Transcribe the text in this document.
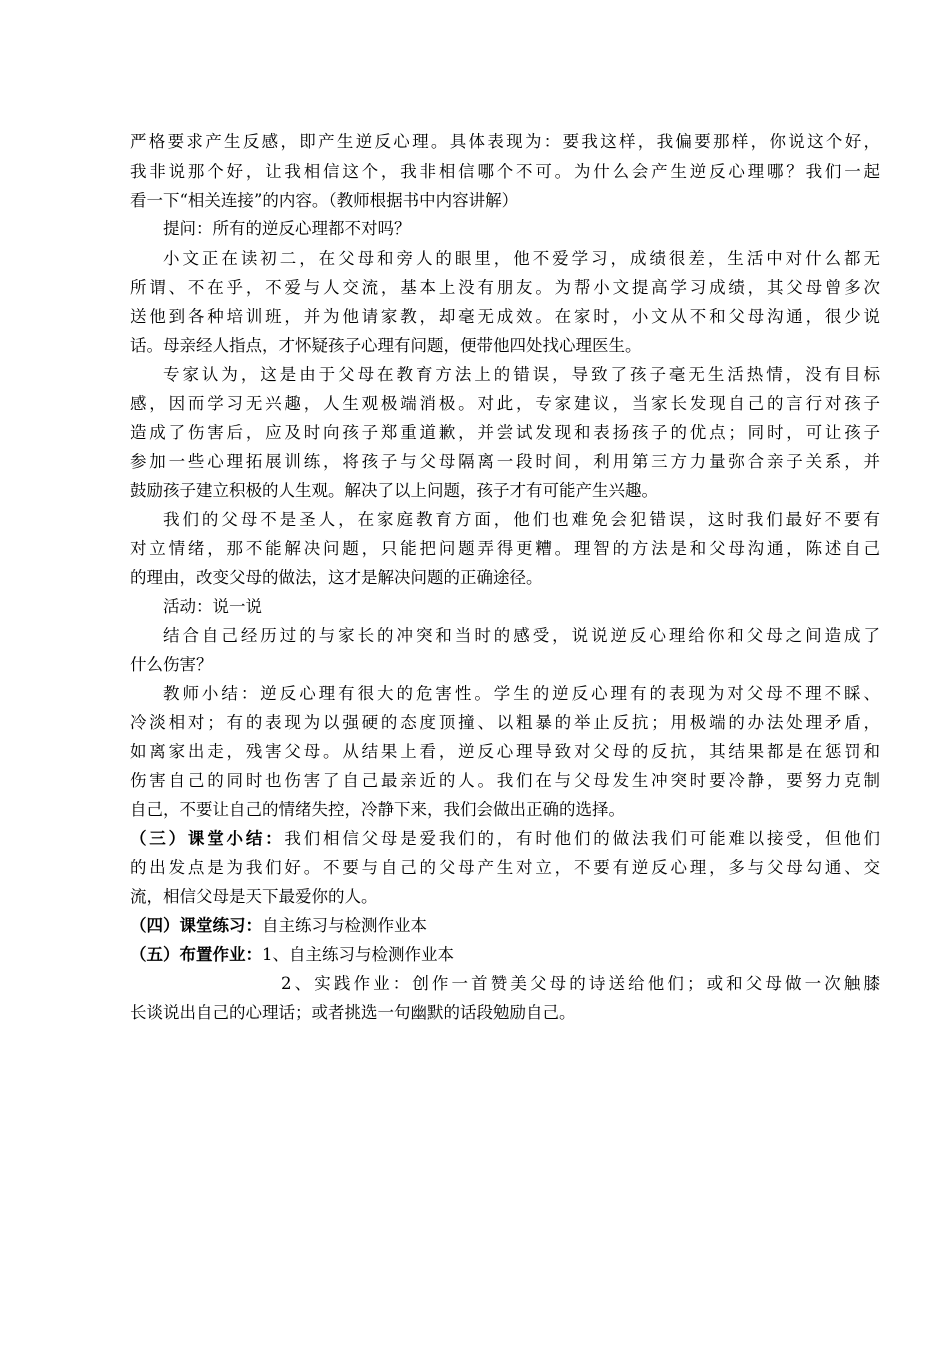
严格要求产生反感，即产生逆反心理。具体表现为：要我这样，我偏要那样，你说这个好，
我非说那个好，让我相信这个，我非相信哪个不可。为什么会产生逆反心理哪？我们一起
看一下“相关连接”的内容。（教师根据书中内容讲解）
提问：所有的逆反心理都不对吗？
小文正在读初二，在父母和旁人的眼里，他不爱学习，成绩很差，生活中对什么都无
所谓、不在乎，不爱与人交流，基本上没有朋友。为帮小文提高学习成绩，其父母曾多次
送他到各种培训班，并为他请家教，却毫无成效。在家时，小文从不和父母沟通，很少说
话。母亲经人指点，才怀疑孩子心理有问题，便带他四处找心理医生。
专家认为，这是由于父母在教育方法上的错误，导致了孩子毫无生活热情，没有目标
感，因而学习无兴趣，人生观极端消极。对此，专家建议，当家长发现自己的言行对孩子
造成了伤害后，应及时向孩子郑重道歉，并尝试发现和表扬孩子的优点；同时，可让孩子
参加一些心理拓展训练，将孩子与父母隔离一段时间，利用第三方力量弥合亲子关系，并
鼓励孩子建立积极的人生观。解决了以上问题，孩子才有可能产生兴趣。
我们的父母不是圣人，在家庭教育方面，他们也难免会犯错误，这时我们最好不要有
对立情绪，那不能解决问题，只能把问题弄得更糟。理智的方法是和父母沟通，陈述自己
的理由，改变父母的做法，这才是解决问题的正确途径。
活动：说一说
结合自己经历过的与家长的冲突和当时的感受，说说逆反心理给你和父母之间造成了
什么伤害？
教师小结：逆反心理有很大的危害性。学生的逆反心理有的表现为对父母不理不睬、
冷淡相对；有的表现为以强硬的态度顶撞、以粗暴的举止反抗；用极端的办法处理矛盾，
如离家出走，残害父母。从结果上看，逆反心理导致对父母的反抗，其结果都是在惩罚和
伤害自己的同时也伤害了自己最亲近的人。我们在与父母发生冲突时要冷静，要努力克制
自己，不要让自己的情绪失控，冷静下来，我们会做出正确的选择。
（三）课堂小结：我们相信父母是爱我们的，有时他们的做法我们可能难以接受，但他们
的出发点是为我们好。不要与自己的父母产生对立，不要有逆反心理，多与父母勾通、交
流，相信父母是天下最爱你的人。
（四）课堂练习：自主练习与检测作业本
（五）布置作业：1、自主练习与检测作业本
2、实践作业：创作一首赞美父母的诗送给他们；或和父母做一次触膝
长谈说出自己的心理话；或者挑选一句幽默的话段勉励自己。
